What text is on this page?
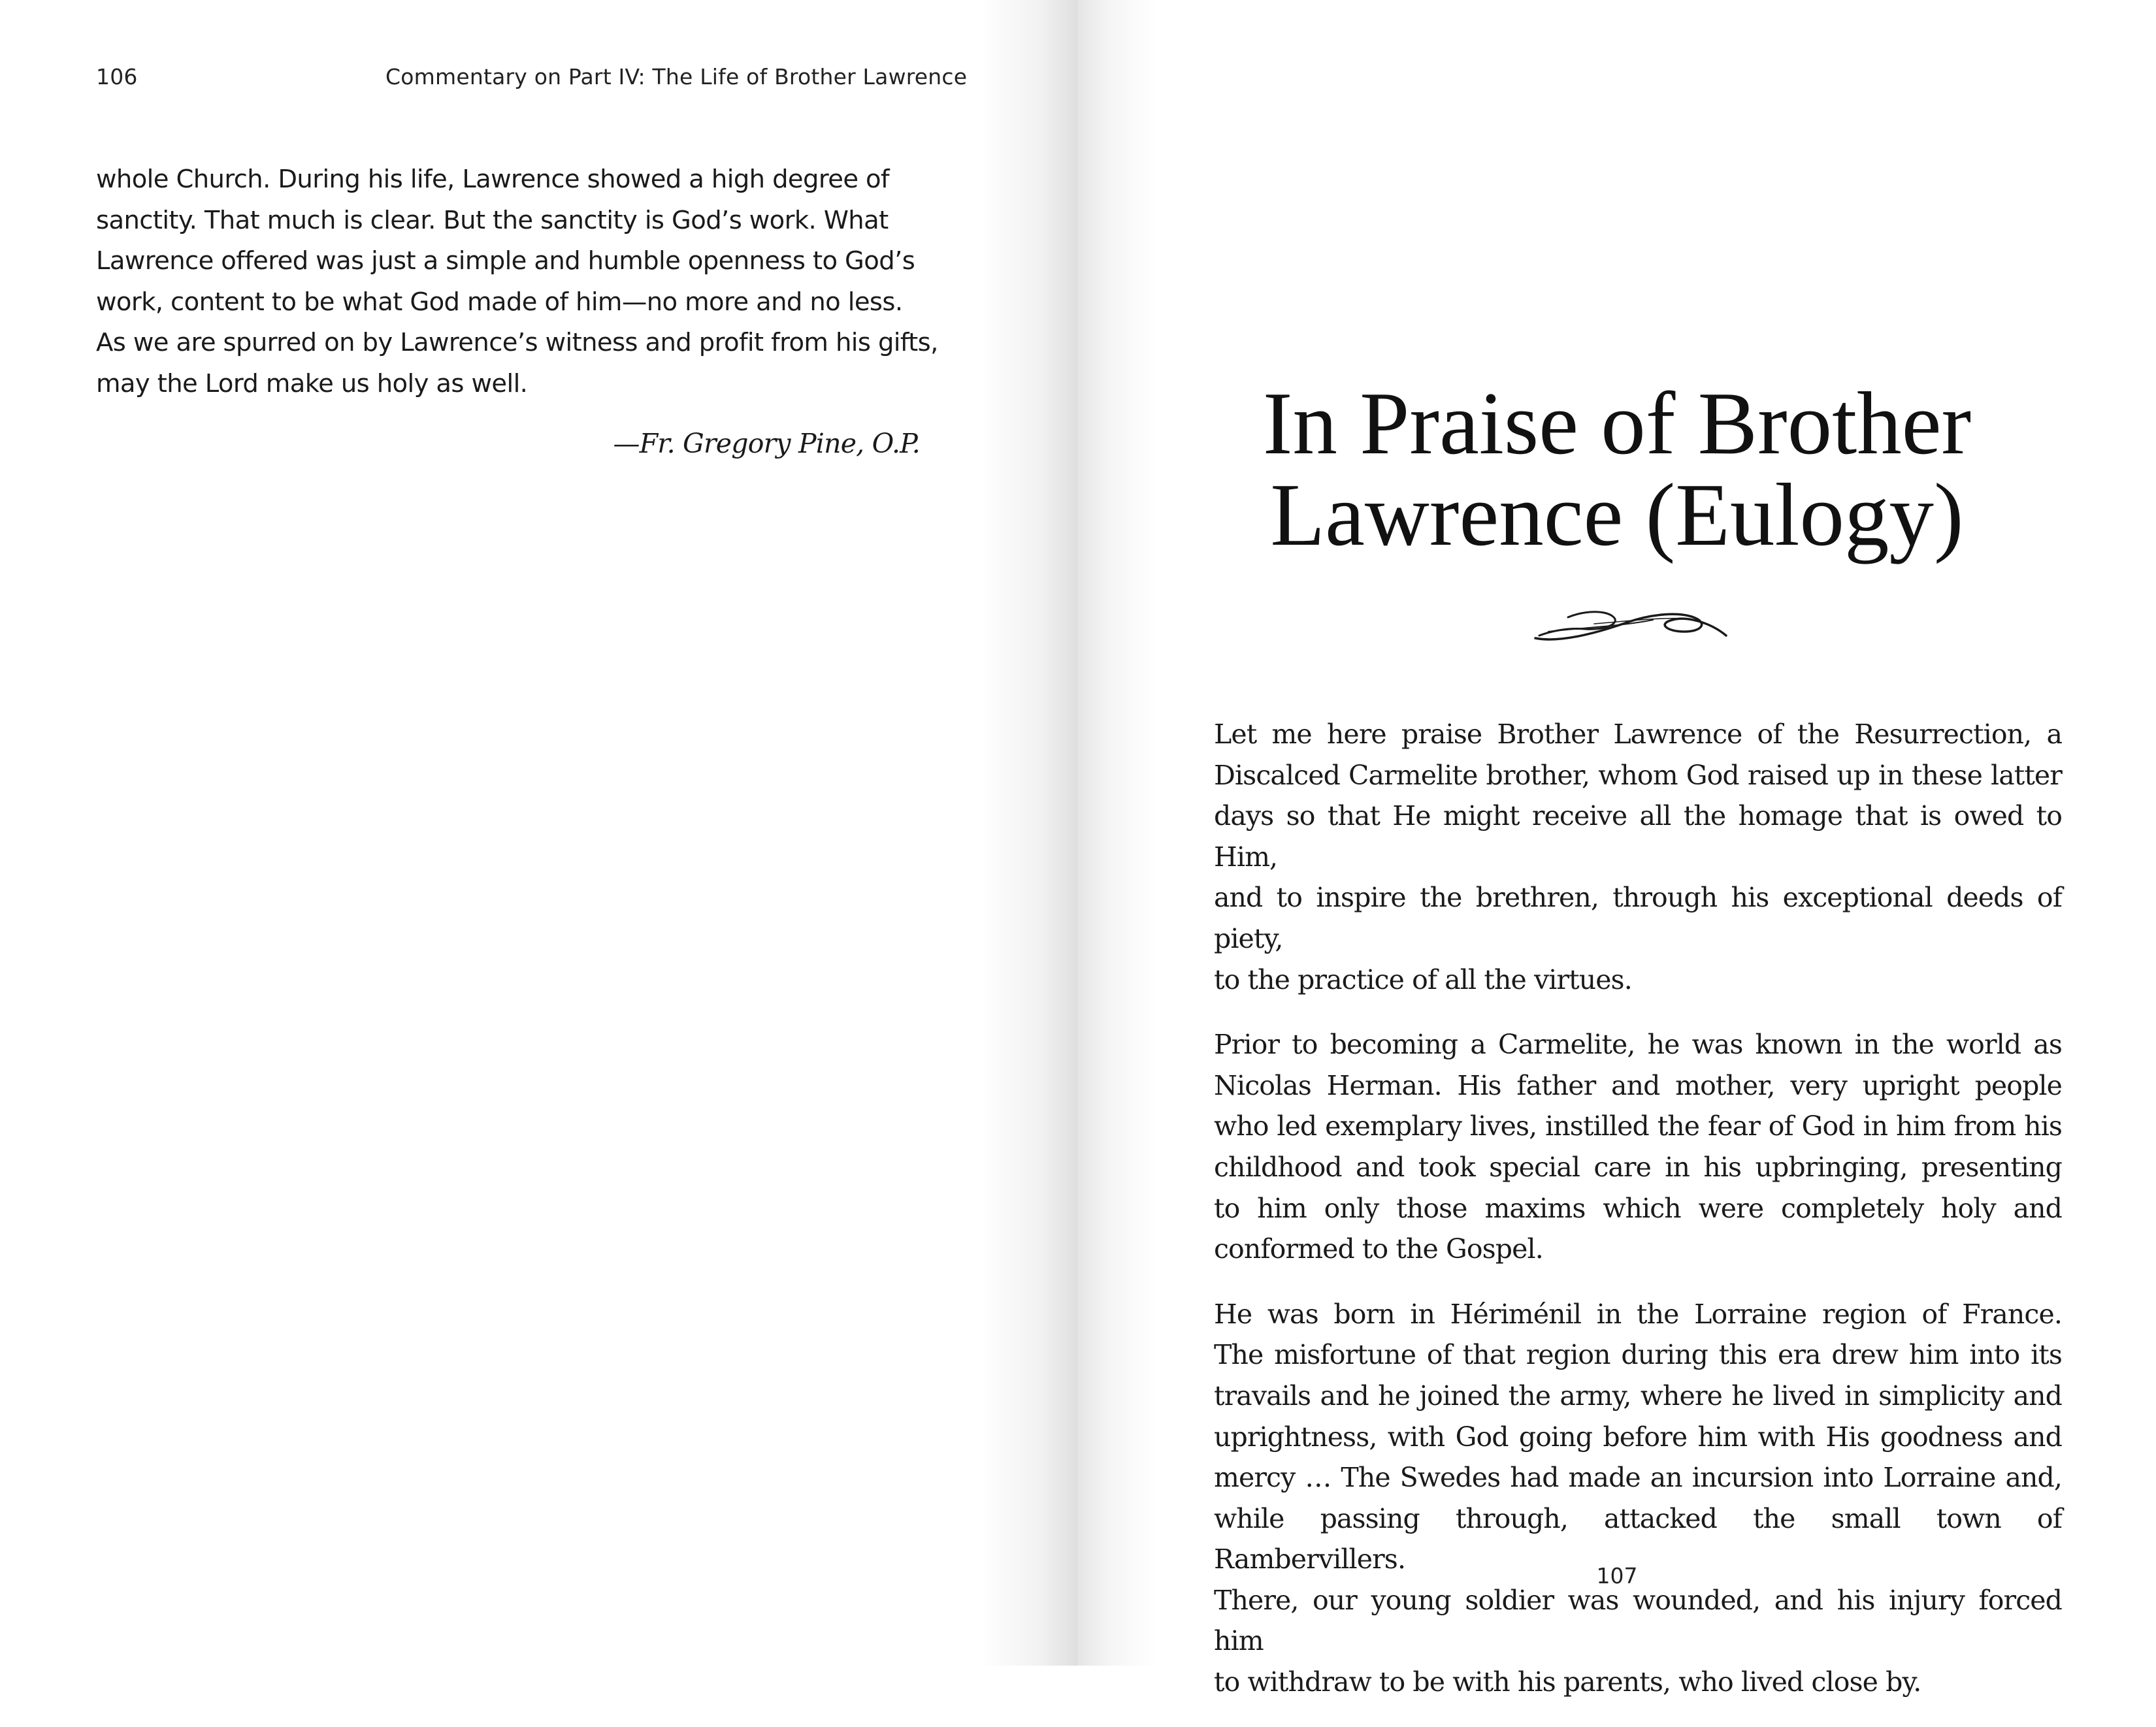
106	Commentary on Part IV: The Life of Brother Lawrence
whole Church. During his life, Lawrence showed a high degree of
sanctity. That much is clear. But the sanctity is God’s work. What
Lawrence offered was just a simple and humble openness to God’s
work, content to be what God made of him—no more and no less.
As we are spurred on by Lawrence’s witness and profit from his gifts,
may the Lord make us holy as well.
—Fr. Gregory Pine, O.P.	In Praise of Brother
Lawrence (Eulogy)

Let me here praise Brother Lawrence of the Resurrection, a
Discalced Carmelite brother, whom God raised up in these latter
days so that He might receive all the homage that is owed to Him,
and to inspire the brethren, through his exceptional deeds of piety,
to the practice of all the virtues.

Prior to becoming a Carmelite, he was known in the world as
Nicolas Herman. His father and mother, very upright people
who led exemplary lives, instilled the fear of God in him from his
childhood and took special care in his upbringing, presenting
to him only those maxims which were completely holy and
conformed to the Gospel.

He was born in Hériménil in the Lorraine region of France.
The misfortune of that region during this era drew him into its
travails and he joined the army, where he lived in simplicity and
uprightness, with God going before him with His goodness and
mercy … The Swedes had made an incursion into Lorraine and,
while passing through, attacked the small town of Rambervillers.
There, our young soldier was wounded, and his injury forced him
to withdraw to be with his parents, who lived close by.

107
